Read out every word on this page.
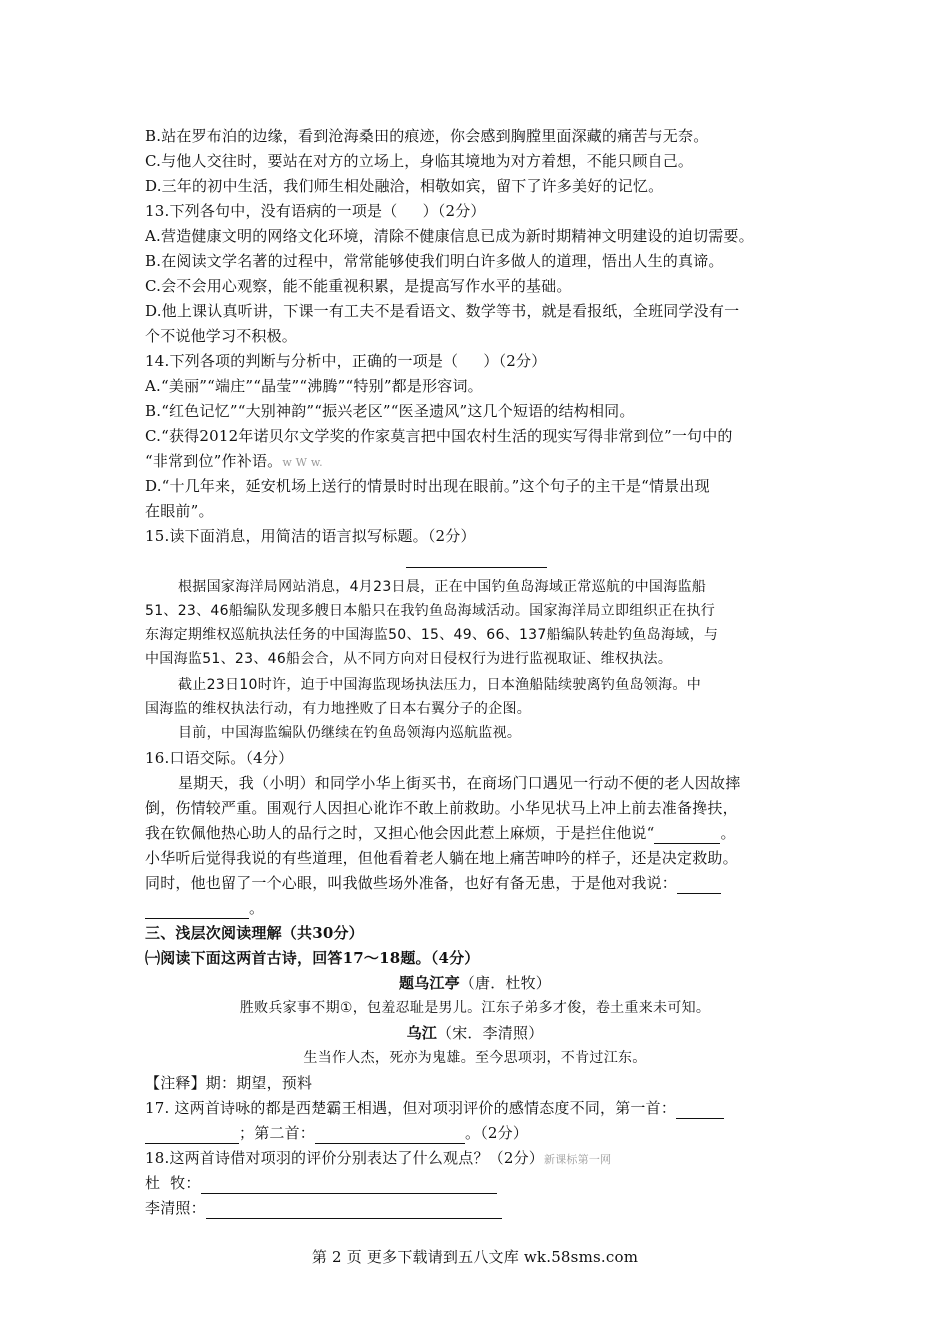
B.站在罗布泊的边缘，看到沧海桑田的痕迹，你会感到胸膛里面深藏的痛苦与无奈。
C.与他人交往时，要站在对方的立场上，身临其境地为对方着想，不能只顾自己。
D.三年的初中生活，我们师生相处融洽，相敬如宾，留下了许多美好的记忆。
13.下列各句中，没有语病的一项是（　  ）（2分）
A.营造健康文明的网络文化环境，清除不健康信息已成为新时期精神文明建设的迫切需要。
B.在阅读文学名著的过程中，常常能够使我们明白许多做人的道理，悟出人生的真谛。
C.会不会用心观察，能不能重视积累，是提高写作水平的基础。
D.他上课认真听讲，下课一有工夫不是看语文、数学等书，就是看报纸，全班同学没有一
个不说他学习不积极。
14.下列各项的判断与分析中，正确的一项是（　  ）（2分）
A.“美丽”“端庄”“晶莹”“沸腾”“特别”都是形容词。
B.“红色记忆”“大别神韵”“振兴老区”“医圣遗风”这几个短语的结构相同。
C.“获得2012年诺贝尔文学奖的作家莫言把中国农村生活的现实写得非常到位”一句中的
“非常到位”作补语。w W w.
D.“十几年来，延安机场上送行的情景时时出现在眼前。”这个句子的主干是“情景出现
在眼前”。
15.读下面消息，用简洁的语言拟写标题。（2分）
根据国家海洋局网站消息，4月23日晨，正在中国钓鱼岛海域正常巡航的中国海监船
51、23、46船编队发现多艘日本船只在我钓鱼岛海域活动。国家海洋局立即组织正在执行
东海定期维权巡航执法任务的中国海监50、15、49、66、137船编队转赴钓鱼岛海域，与
中国海监51、23、46船会合，从不同方向对日侵权行为进行监视取证、维权执法。
截止23日10时许，迫于中国海监现场执法压力，日本渔船陆续驶离钓鱼岛领海。中
国海监的维权执法行动，有力地挫败了日本右翼分子的企图。
目前，中国海监编队仍继续在钓鱼岛领海内巡航监视。
16.口语交际。（4分）
星期天，我（小明）和同学小华上街买书，在商场门口遇见一行动不便的老人因故摔
倒，伤情较严重。围观行人因担心讹诈不敢上前救助。小华见状马上冲上前去准备搀扶，
我在钦佩他热心助人的品行之时，又担心他会因此惹上麻烦，于是拦住他说“	。
小华听后觉得我说的有些道理，但他看着老人躺在地上痛苦呻吟的样子，还是决定救助。
同时，他也留了一个心眼，叫我做些场外准备，也好有备无患，于是他对我说：
。
三、浅层次阅读理解（共30分）
㈠阅读下面这两首古诗，回答17～18题。（4分）
题乌江亭（唐．杜牧）
胜败兵家事不期①，包羞忍耻是男儿。江东子弟多才俊，卷土重来未可知。
乌江（宋．李清照）
生当作人杰，死亦为鬼雄。至今思项羽，不肯过江东。
【注释】期：期望，预料
17. 这两首诗咏的都是西楚霸王相遇，但对项羽评价的感情态度不同，第一首：
；第二首：	。（2分）
18.这两首诗借对项羽的评价分别表达了什么观点？（2分）新课标第一网
杜  牧：
李清照：
第 2 页 更多下载请到五八文库 wk.58sms.com
